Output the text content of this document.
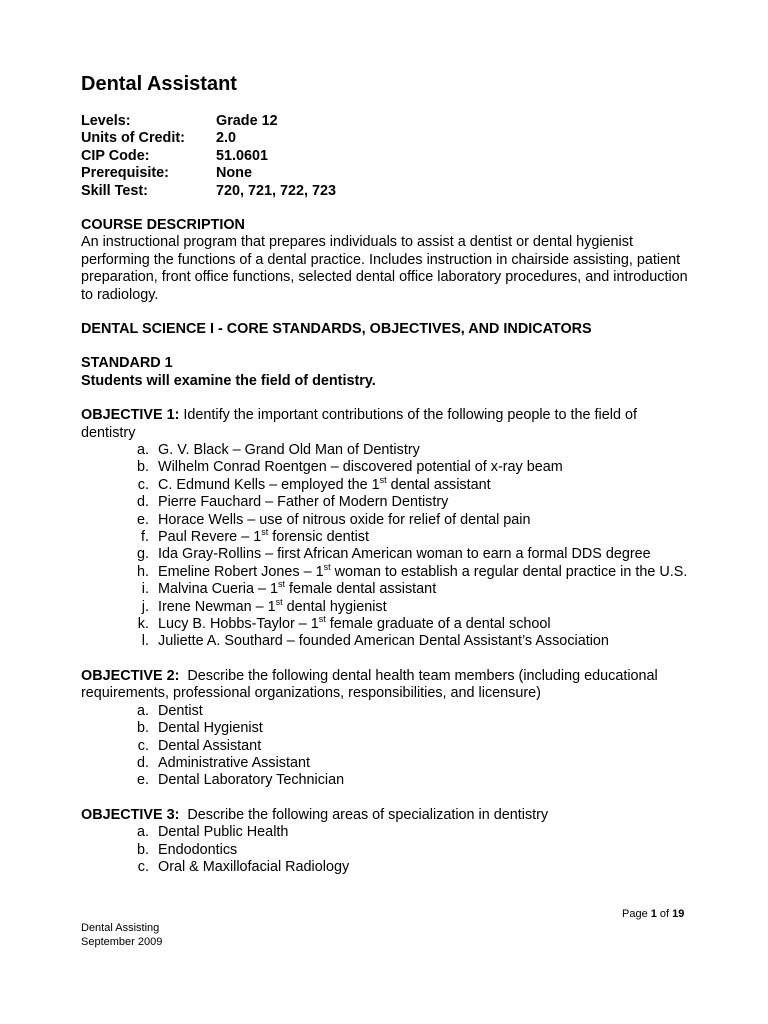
Dental Assistant
Levels:	Grade 12
Units of Credit:	2.0
CIP Code:	51.0601
Prerequisite:	None
Skill Test:	720, 721, 722, 723
COURSE DESCRIPTION

An instructional program that prepares individuals to assist a dentist or dental hygienist performing the functions of a dental practice. Includes instruction in chairside assisting, patient preparation, front office functions, selected dental office laboratory procedures, and introduction to radiology.

DENTAL SCIENCE I - CORE STANDARDS, OBJECTIVES, AND INDICATORS
STANDARD 1
Students will examine the field of dentistry.
OBJECTIVE 1: Identify the important contributions of the following people to the field of dentistry
a. G. V. Black – Grand Old Man of Dentistry
b. Wilhelm Conrad Roentgen – discovered potential of x-ray beam
c. C. Edmund Kells – employed the 1st dental assistant
d. Pierre Fauchard – Father of Modern Dentistry
e. Horace Wells – use of nitrous oxide for relief of dental pain
f. Paul Revere – 1st forensic dentist
g. Ida Gray-Rollins – first African American woman to earn a formal DDS degree
h. Emeline Robert Jones – 1st woman to establish a regular dental practice in the U.S.
i. Malvina Cueria – 1st female dental assistant
j. Irene Newman – 1st dental hygienist
k. Lucy B. Hobbs-Taylor – 1st female graduate of a dental school
l. Juliette A. Southard – founded American Dental Assistant’s Association
OBJECTIVE 2:  Describe the following dental health team members (including educational requirements, professional organizations, responsibilities, and licensure)
a. Dentist
b. Dental Hygienist
c. Dental Assistant
d. Administrative Assistant
e. Dental Laboratory Technician
OBJECTIVE 3:  Describe the following areas of specialization in dentistry
a. Dental Public Health
b. Endodontics
c. Oral & Maxillofacial Radiology
Dental Assisting
September 2009
Page 1 of 19
